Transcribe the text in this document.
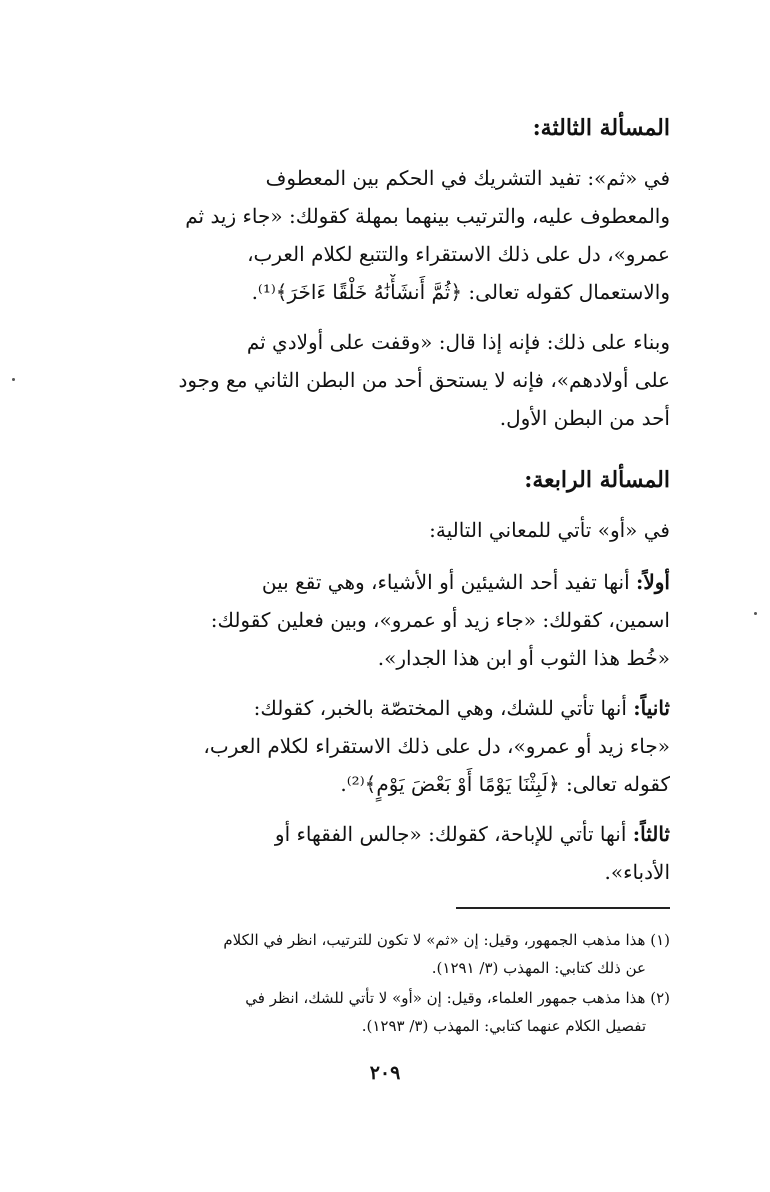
المسألة الثالثة:
في «ثم»: تفيد التشريك في الحكم بين المعطوف
والمعطوف عليه، والترتيب بينهما بمهلة كقولك: «جاء زيد ثم
عمرو»، دل على ذلك الاستقراء والتتبع لكلام العرب،
والاستعمال كقوله تعالى: ﴿ثُمَّ أَنشَأْنَٰهُ خَلْقًا ءَاخَرَ﴾⁽¹⁾.
وبناء على ذلك: فإنه إذا قال: «وقفت على أولادي ثم
على أولادهم»، فإنه لا يستحق أحد من البطن الثاني مع وجود
أحد من البطن الأول.
المسألة الرابعة:
في «أو» تأتي للمعاني التالية:
أولاً: أنها تفيد أحد الشيئين أو الأشياء، وهي تقع بين
اسمين، كقولك: «جاء زيد أو عمرو»، وبين فعلين كقولك:
«خُط هذا الثوب أو ابن هذا الجدار».
ثانياً: أنها تأتي للشك، وهي المختصّة بالخبر، كقولك:
«جاء زيد أو عمرو»، دل على ذلك الاستقراء لكلام العرب،
كقوله تعالى: ﴿لَبِثْنَا يَوْمًا أَوْ بَعْضَ يَوْمٍ﴾⁽²⁾.
ثالثاً: أنها تأتي للإباحة، كقولك: «جالس الفقهاء أو
الأدباء».
(١) هذا مذهب الجمهور، وقيل: إن «ثم» لا تكون للترتيب، انظر في الكلام
عن ذلك كتابي: المهذب (٣/ ١٢٩١).
(٢) هذا مذهب جمهور العلماء، وقيل: إن «أو» لا تأتي للشك، انظر في
تفصيل الكلام عنهما كتابي: المهذب (٣/ ١٢٩٣).
٢٠٩
